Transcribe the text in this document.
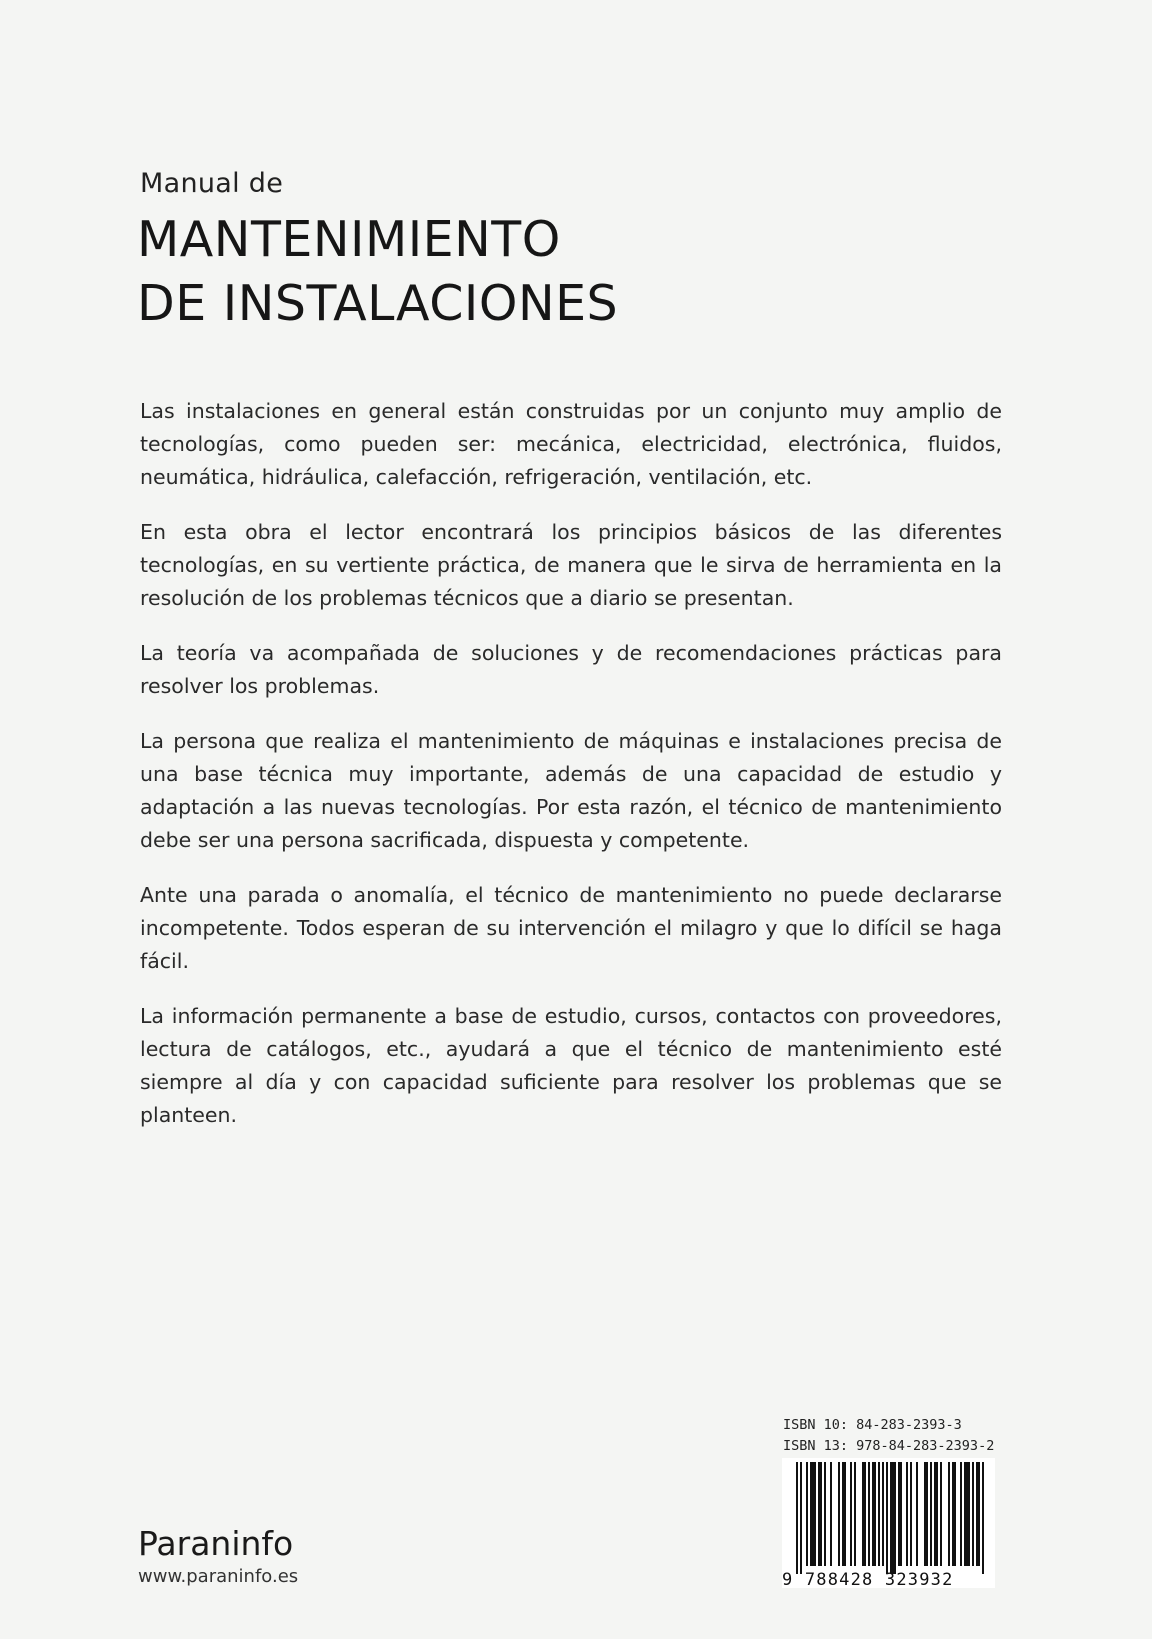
Manual de
MANTENIMIENTO
DE INSTALACIONES

Las instalaciones en general están construidas por un conjunto muy amplio de tecnologías, como pueden ser: mecánica, electricidad, electrónica, fluidos, neumática, hidráulica, calefacción, refrigeración, ventilación, etc.

En esta obra el lector encontrará los principios básicos de las diferentes tecnologías, en su vertiente práctica, de manera que le sirva de herramienta en la resolución de los problemas técnicos que a diario se presentan.

La teoría va acompañada de soluciones y de recomendaciones prácticas para resolver los problemas.

La persona que realiza el mantenimiento de máquinas e instalaciones precisa de una base técnica muy importante, además de una capacidad de estudio y adaptación a las nuevas tecnologías. Por esta razón, el técnico de mantenimiento debe ser una persona sacrificada, dispuesta y competente.

Ante una parada o anomalía, el técnico de mantenimiento no puede declararse incompetente. Todos esperan de su intervención el milagro y que lo difícil se haga fácil.

La información permanente a base de estudio, cursos, contactos con proveedores, lectura de catálogos, etc., ayudará a que el técnico de mantenimiento esté siempre al día y con capacidad suficiente para resolver los problemas que se planteen.

Paraninfo
www.paraninfo.es
ISBN 10: 84-283-2393-3
ISBN 13: 978-84-283-2393-2
9 788428 323932
